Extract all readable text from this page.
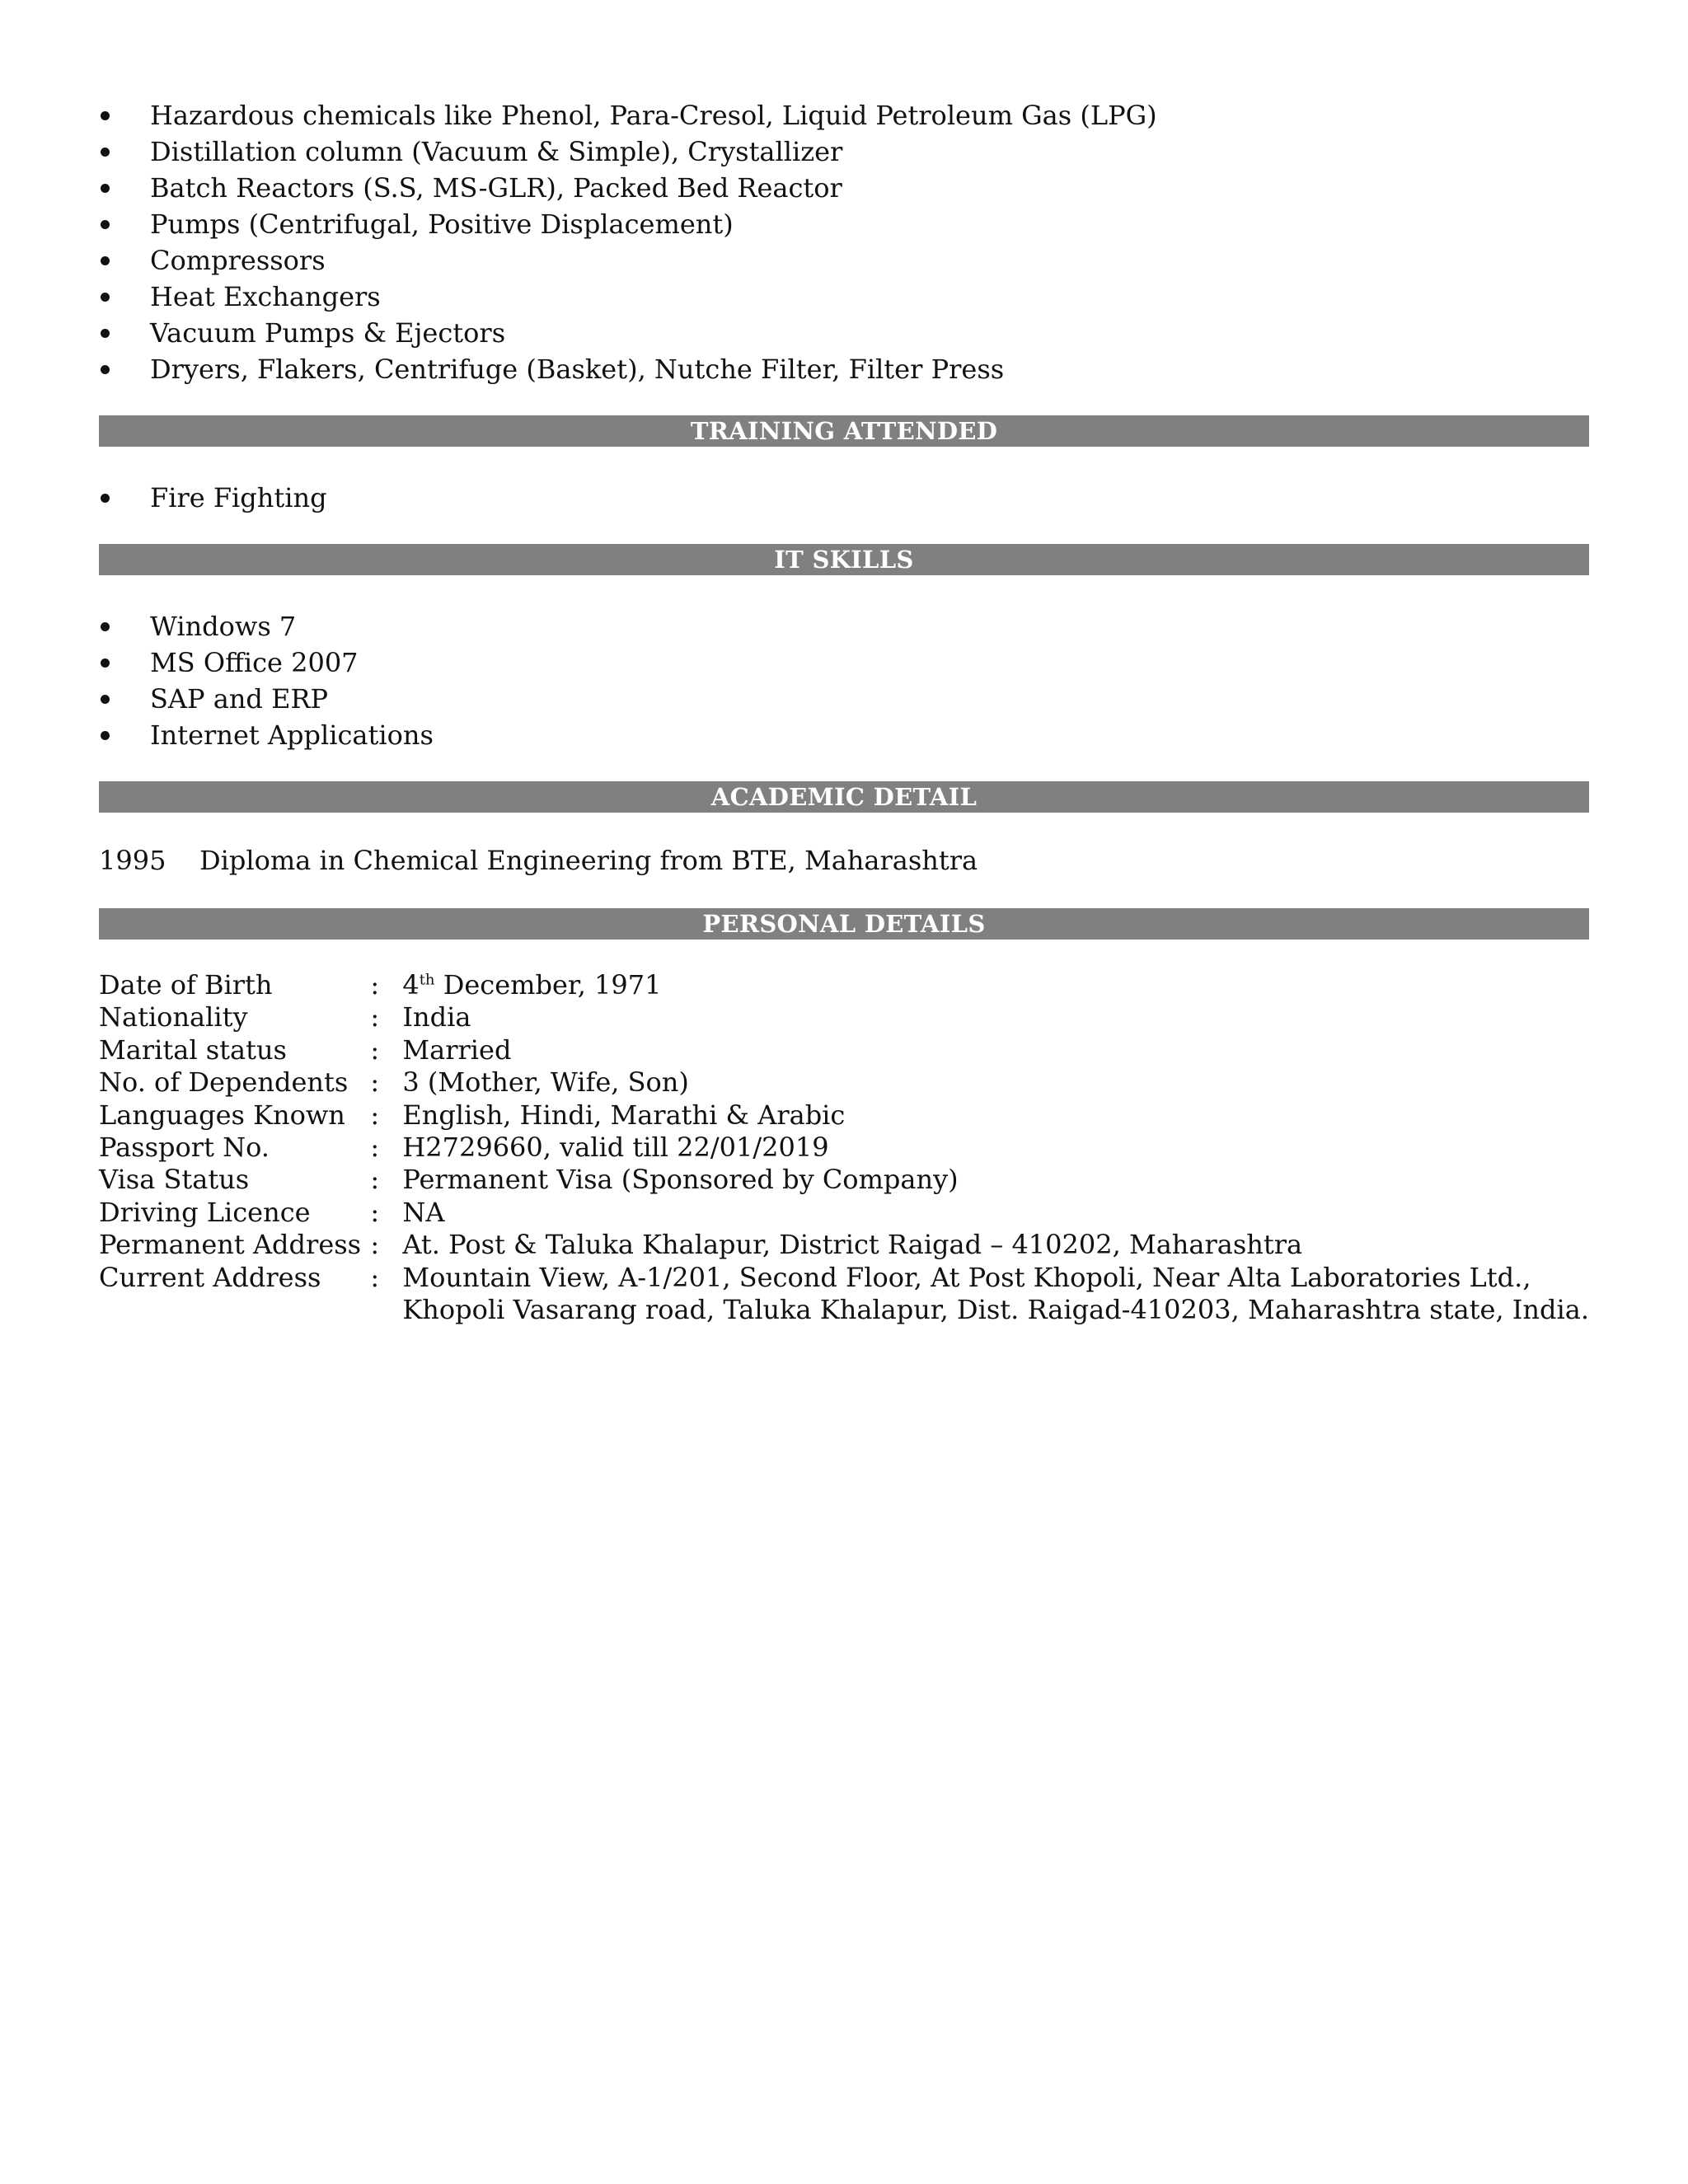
Hazardous chemicals like Phenol, Para-Cresol, Liquid Petroleum Gas (LPG)
Distillation column (Vacuum & Simple), Crystallizer
Batch Reactors (S.S, MS-GLR), Packed Bed Reactor
Pumps (Centrifugal, Positive Displacement)
Compressors
Heat Exchangers
Vacuum Pumps & Ejectors
Dryers, Flakers, Centrifuge (Basket), Nutche Filter, Filter Press
TRAINING ATTENDED
Fire Fighting
IT SKILLS
Windows 7
MS Office 2007
SAP and ERP
Internet Applications
ACADEMIC DETAIL
1995 Diploma in Chemical Engineering from BTE, Maharashtra
PERSONAL DETAILS
Date of Birth	:	4th December, 1971
Nationality	:	India
Marital status	:	Married
No. of Dependents	:	3 (Mother, Wife, Son)
Languages Known	:	English, Hindi, Marathi & Arabic
Passport No.	:	H2729660, valid till 22/01/2019
Visa Status	:	Permanent Visa (Sponsored by Company)
Driving Licence	:	NA
Permanent Address	:	At. Post & Taluka Khalapur, District Raigad – 410202, Maharashtra
Current Address	:	Mountain View, A-1/201, Second Floor, At Post Khopoli, Near Alta Laboratories Ltd.,
Khopoli Vasarang road, Taluka Khalapur, Dist. Raigad-410203, Maharashtra state, India.
